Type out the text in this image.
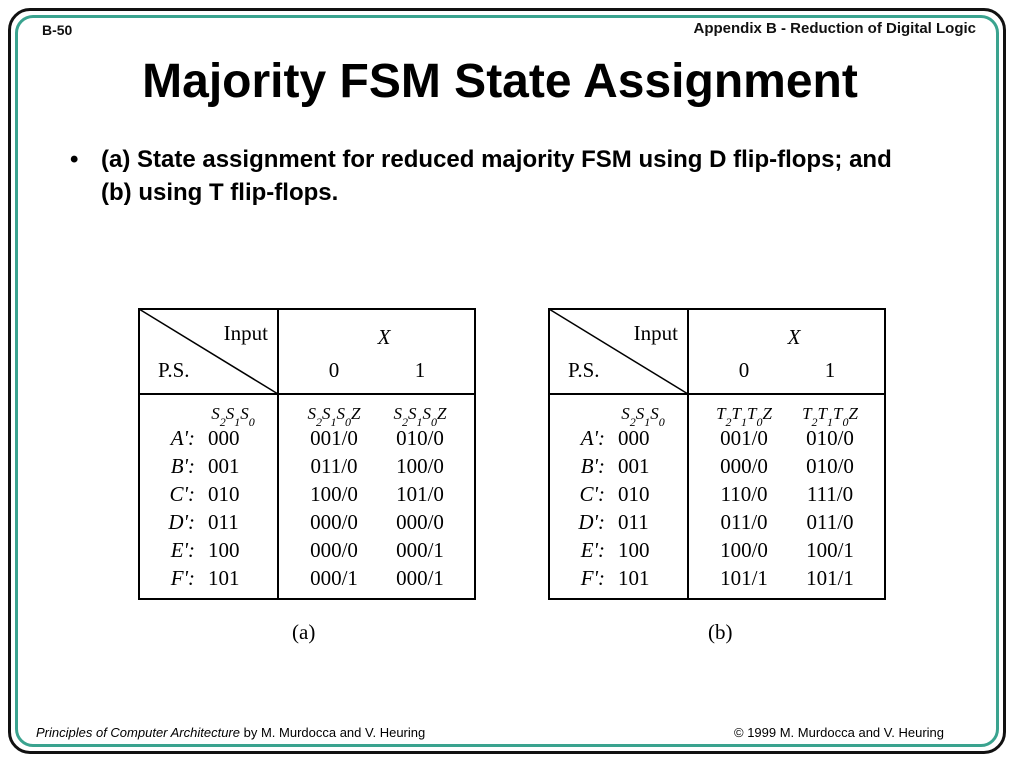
B-50	Appendix B - Reduction of Digital Logic
Majority FSM State Assignment
• (a) State assignment for reduced majority FSM using D flip-flops; and (b) using T flip-flops.
Input
P.S.
X
0	1
$S_2S_1S_0$	$S_2S_1S_0Z$ $S_2S_1S_0Z$
A': 000	001/0 010/0
B': 001	011/0 100/0
C': 010	100/0 101/0
D': 011	000/0 000/0
E': 100	000/0 000/1
F': 101	000/1 000/1
Input
P.S.
X
0	1
$S_2S_1S_0$	$T_2T_1T_0Z$ $T_2T_1T_0Z$
A': 000	001/0 010/0
B': 001	000/0 010/0
C': 010	110/0 111/0
D': 011	011/0 011/0
E': 100	100/0 100/1
F': 101	101/1 101/1
(a)	(b)
Principles of Computer Architecture by M. Murdocca and V. Heuring	© 1999 M. Murdocca and V. Heuring
